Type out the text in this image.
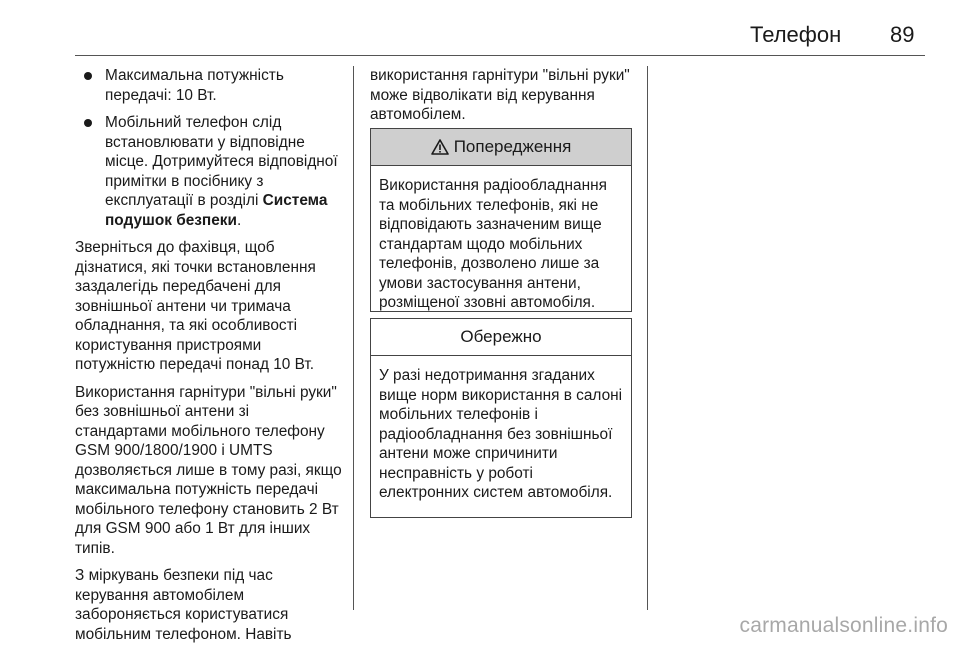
Телефон 89

Максимальна потужність передачі: 10 Вт.

Мобільний телефон слід встановлювати у відповідне місце. Дотримуйтеся відповідної примітки в посібнику з експлуатації в розділі Система подушок безпеки.

Зверніться до фахівця, щоб дізнатися, які точки встановлення заздалегідь передбачені для зовнішньої антени чи тримача обладнання, та які особливості користування пристроями потужністю передачі понад 10 Вт.

Використання гарнітури "вільні руки" без зовнішньої антени зі стандартами мобільного телефону GSM 900/1800/1900 і UMTS дозволяється лише в тому разі, якщо максимальна потужність передачі мобільного телефону становить 2 Вт для GSM 900 або 1 Вт для інших типів.

З міркувань безпеки під час керування автомобілем забороняється користуватися мобільним телефоном. Навіть

використання гарнітури "вільні руки" може відволікати від керування автомобілем.

Попередження
Використання радіообладнання та мобільних телефонів, які не відповідають зазначеним вище стандартам щодо мобільних телефонів, дозволено лише за умови застосування антени, розміщеної ззовні автомобіля.
Обережно
У разі недотримання згаданих вище норм використання в салоні мобільних телефонів і радіообладнання без зовнішньої антени може спричинити несправність у роботі електронних систем автомобіля.
carmanualsonline.info
